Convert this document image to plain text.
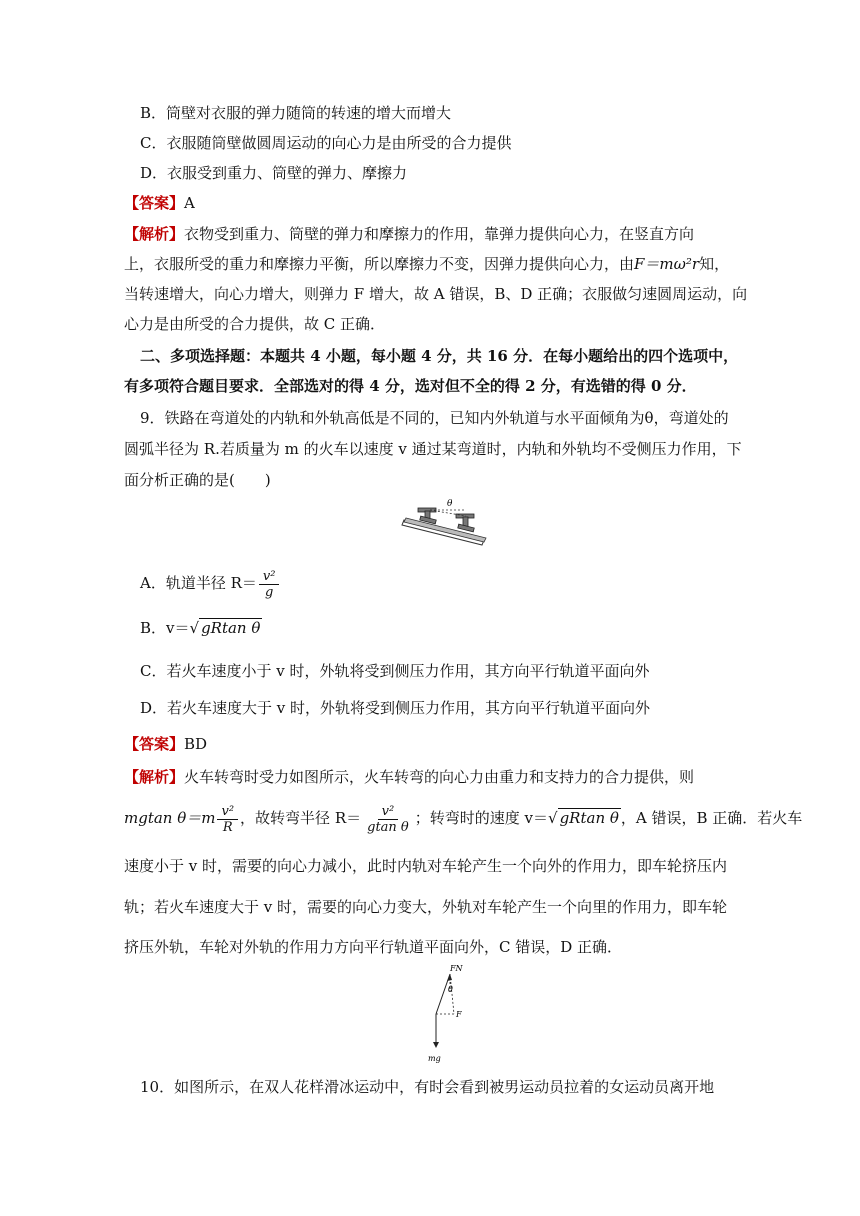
B．筒壁对衣服的弹力随筒的转速的增大而增大
C．衣服随筒壁做圆周运动的向心力是由所受的合力提供
D．衣服受到重力、筒壁的弹力、摩擦力
【答案】A
【解析】衣物受到重力、筒壁的弹力和摩擦力的作用，靠弹力提供向心力，在竖直方向
上，衣服所受的重力和摩擦力平衡，所以摩擦力不变，因弹力提供向心力，由F＝mω²r知，
当转速增大，向心力增大，则弹力 F 增大，故 A 错误，B、D 正确；衣服做匀速圆周运动，向
心力是由所受的合力提供，故 C 正确．
二、多项选择题：本题共 4 小题，每小题 4 分，共 16 分．在每小题给出的四个选项中，
有多项符合题目要求．全部选对的得 4 分，选对但不全的得 2 分，有选错的得 0 分．
9．铁路在弯道处的内轨和外轨高低是不同的，已知内外轨道与水平面倾角为θ，弯道处的
圆弧半径为 R.若质量为 m 的火车以速度 v 通过某弯道时，内轨和外轨均不受侧压力作用，下
面分析正确的是(　　)
θ
A．轨道半径 $R= \frac{\text{v²}}{g}$
B．v＝ √ gRtan θ
C．若火车速度小于 v 时，外轨将受到侧压力作用，其方向平行轨道平面向外
D．若火车速度大于 v 时，外轨将受到侧压力作用，其方向平行轨道平面向外
【答案】BD
【解析】火车转弯时受力如图所示，火车转弯的向心力由重力和支持力的合力提供，则
mgtan $\theta=m \frac{\text{v²}}{R}$ ，故转弯半径 $R= \frac{\text{v²}}{\text{gtan θ}}$ ；转弯时的速度 v＝ √ gRtan θ ，A 错误，B 正确．若火车
速度小于 v 时，需要的向心力减小，此时内轨对车轮产生一个向外的作用力，即车轮挤压内
轨；若火车速度大于 v 时，需要的向心力变大，外轨对车轮产生一个向里的作用力，即车轮
挤压外轨，车轮对外轨的作用力方向平行轨道平面向外，C 错误，D 正确．
FN
θ
F
mg
10．如图所示，在双人花样滑冰运动中，有时会看到被男运动员拉着的女运动员离开地
